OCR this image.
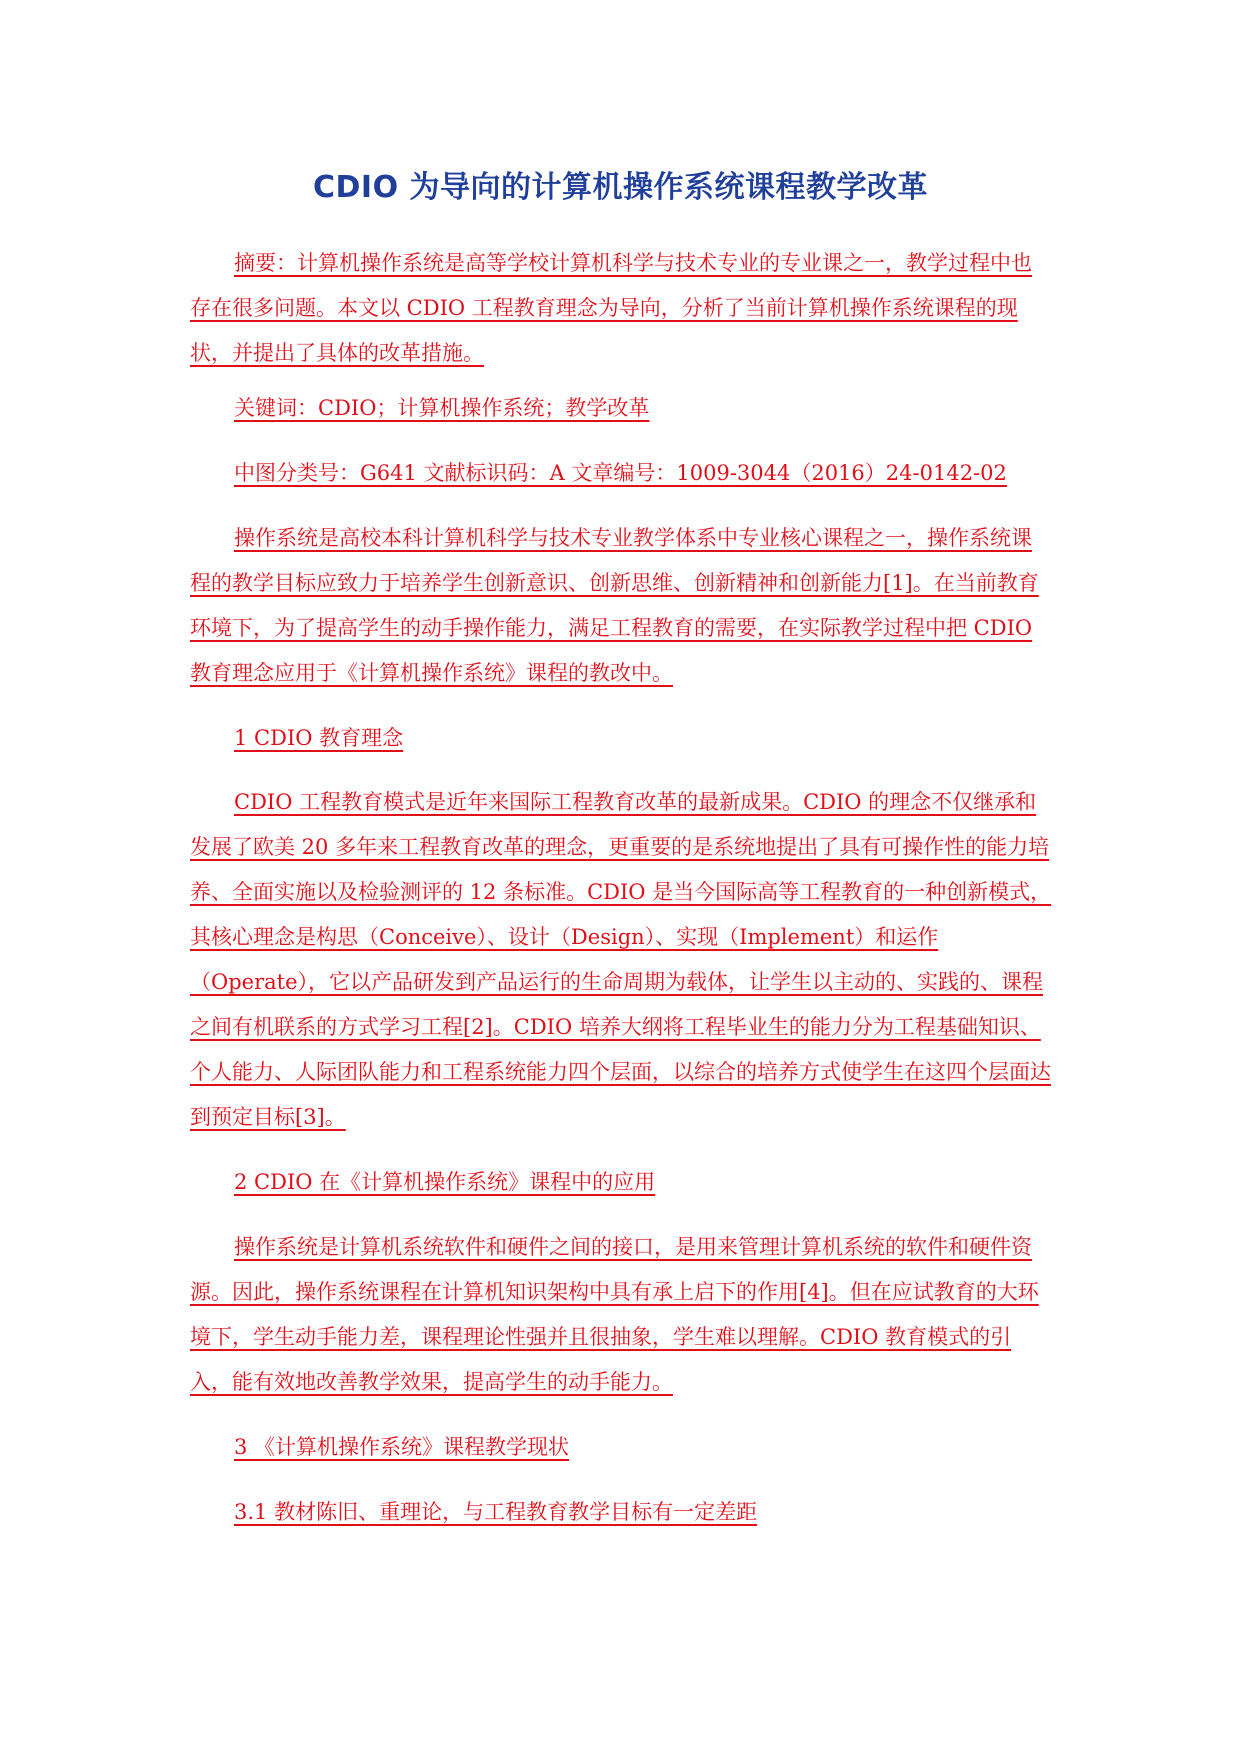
CDIO 为导向的计算机操作系统课程教学改革

摘要：计算机操作系统是高等学校计算机科学与技术专业的专业课之一，教学过程中也存在很多问题。本文以 CDIO 工程教育理念为导向，分析了当前计算机操作系统课程的现状，并提出了具体的改革措施。

关键词：CDIO；计算机操作系统；教学改革

中图分类号：G641 文献标识码：A 文章编号：1009-3044（2016）24-0142-02

操作系统是高校本科计算机科学与技术专业教学体系中专业核心课程之一，操作系统课程的教学目标应致力于培养学生创新意识、创新思维、创新精神和创新能力[1]。在当前教育环境下，为了提高学生的动手操作能力，满足工程教育的需要，在实际教学过程中把 CDIO 教育理念应用于《计算机操作系统》课程的教改中。

1 CDIO 教育理念

CDIO 工程教育模式是近年来国际工程教育改革的最新成果。CDIO 的理念不仅继承和发展了欧美 20 多年来工程教育改革的理念，更重要的是系统地提出了具有可操作性的能力培养、全面实施以及检验测评的 12 条标准。CDIO 是当今国际高等工程教育的一种创新模式，其核心理念是构思（Conceive）、设计（Design）、实现（Implement）和运作（Operate），它以产品研发到产品运行的生命周期为载体，让学生以主动的、实践的、课程之间有机联系的方式学习工程[2]。CDIO 培养大纲将工程毕业生的能力分为工程基础知识、个人能力、人际团队能力和工程系统能力四个层面，以综合的培养方式使学生在这四个层面达到预定目标[3]。

2 CDIO 在《计算机操作系统》课程中的应用

操作系统是计算机系统软件和硬件之间的接口，是用来管理计算机系统的软件和硬件资源。因此，操作系统课程在计算机知识架构中具有承上启下的作用[4]。但在应试教育的大环境下，学生动手能力差，课程理论性强并且很抽象，学生难以理解。CDIO 教育模式的引入，能有效地改善教学效果，提高学生的动手能力。

3 《计算机操作系统》课程教学现状

3.1 教材陈旧、重理论，与工程教育教学目标有一定差距
